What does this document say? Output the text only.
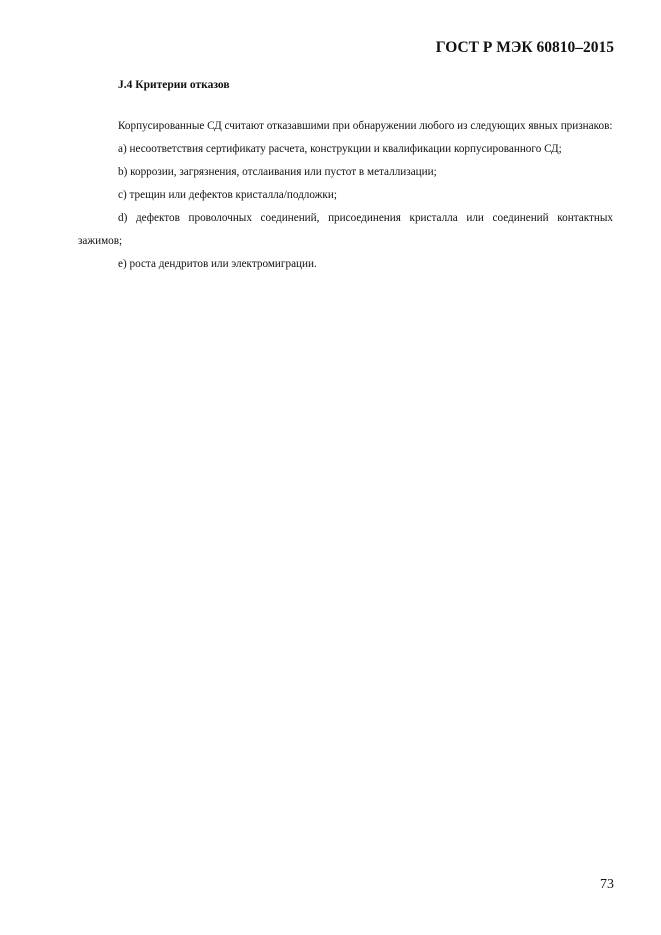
ГОСТ Р МЭК 60810–2015
J.4 Критерии отказов

Корпусированные СД считают отказавшими при обнаружении любого из следующих явных признаков:

a) несоответствия сертификату расчета, конструкции и квалификации корпусированного СД;

b) коррозии, загрязнения, отслаивания или пустот в металлизации;

c) трещин или дефектов кристалла/подложки;

d) дефектов проволочных соединений, присоединения кристалла или соединений контактных зажимов;

e) роста дендритов или электромиграции.

73
